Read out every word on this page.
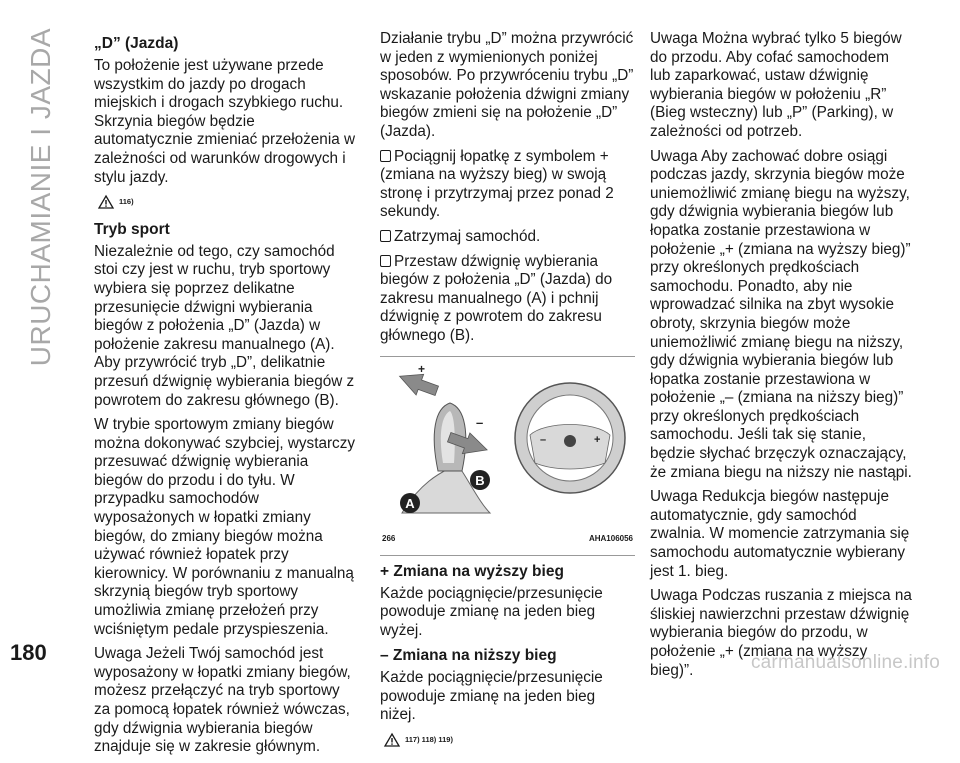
URUCHAMIANIE I JAZDA „D” (Jazda)

To położenie jest używane przede wszystkim do jazdy po drogach miejskich i drogach szybkiego ruchu. Skrzynia biegów będzie automatycznie zmieniać przełożenia w zależności od warunków drogowych i stylu jazdy.

116)
Tryb sport

Niezależnie od tego, czy samochód stoi czy jest w ruchu, tryb sportowy wybiera się poprzez delikatne przesunięcie dźwigni wybierania biegów z położenia „D” (Jazda) w położenie zakresu manualnego (A). Aby przywrócić tryb „D”, delikatnie przesuń dźwignię wybierania biegów z powrotem do zakresu głównego (B).

W trybie sportowym zmiany biegów można dokonywać szybciej, wystarczy przesuwać dźwignię wybierania biegów do przodu i do tyłu. W przypadku samochodów wyposażonych w łopatki zmiany biegów, do zmiany biegów można używać również łopatek przy kierownicy. W porównaniu z manualną skrzynią biegów tryb sportowy umożliwia zmianę przełożeń przy wciśniętym pedale przyspieszenia.

Uwaga Jeżeli Twój samochód jest wyposażony w łopatki zmiany biegów, możesz przełączyć na tryb sportowy za pomocą łopatek również wówczas, gdy dźwignia wybierania biegów znajduje się w zakresie głównym.

Działanie trybu „D” można przywrócić w jeden z wymienionych poniżej sposobów. Po przywróceniu trybu „D” wskazanie położenia dźwigni zmiany biegów zmieni się na położenie „D” (Jazda).

Pociągnij łopatkę z symbolem + (zmiana na wyższy bieg) w swoją stronę i przytrzymaj przez ponad 2 sekundy.

Zatrzymaj samochód.

Przestaw dźwignię wybierania biegów z położenia „D” (Jazda) do zakresu manualnego (A) i pchnij dźwignię z powrotem do zakresu głównego (B).

+
–
A
B
–	+
266	AHA106056
+ Zmiana na wyższy bieg

Każde pociągnięcie/przesunięcie powoduje zmianę na jeden bieg wyżej.

– Zmiana na niższy bieg

Każde pociągnięcie/przesunięcie powoduje zmianę na jeden bieg niżej.

117) 118) 119)

Uwaga Można wybrać tylko 5 biegów do przodu. Aby cofać samochodem lub zaparkować, ustaw dźwignię wybierania biegów w położeniu „R” (Bieg wsteczny) lub „P” (Parking), w zależności od potrzeb.

Uwaga Aby zachować dobre osiągi podczas jazdy, skrzynia biegów może uniemożliwić zmianę biegu na wyższy, gdy dźwignia wybierania biegów lub łopatka zostanie przestawiona w położenie „+ (zmiana na wyższy bieg)” przy określonych prędkościach samochodu. Ponadto, aby nie wprowadzać silnika na zbyt wysokie obroty, skrzynia biegów może uniemożliwić zmianę biegu na niższy, gdy dźwignia wybierania biegów lub łopatka zostanie przestawiona w położenie „– (zmiana na niższy bieg)” przy określonych prędkościach samochodu. Jeśli tak się stanie, będzie słychać brzęczyk oznaczający, że zmiana biegu na niższy nie nastąpi.

Uwaga Redukcja biegów następuje automatycznie, gdy samochód zwalnia. W momencie zatrzymania się samochodu automatycznie wybierany jest 1. bieg.

Uwaga Podczas ruszania z miejsca na śliskiej nawierzchni przestaw dźwignię wybierania biegów do przodu, w położenie „+ (zmiana na wyższy bieg)”.

180	carmanualsonline.info
